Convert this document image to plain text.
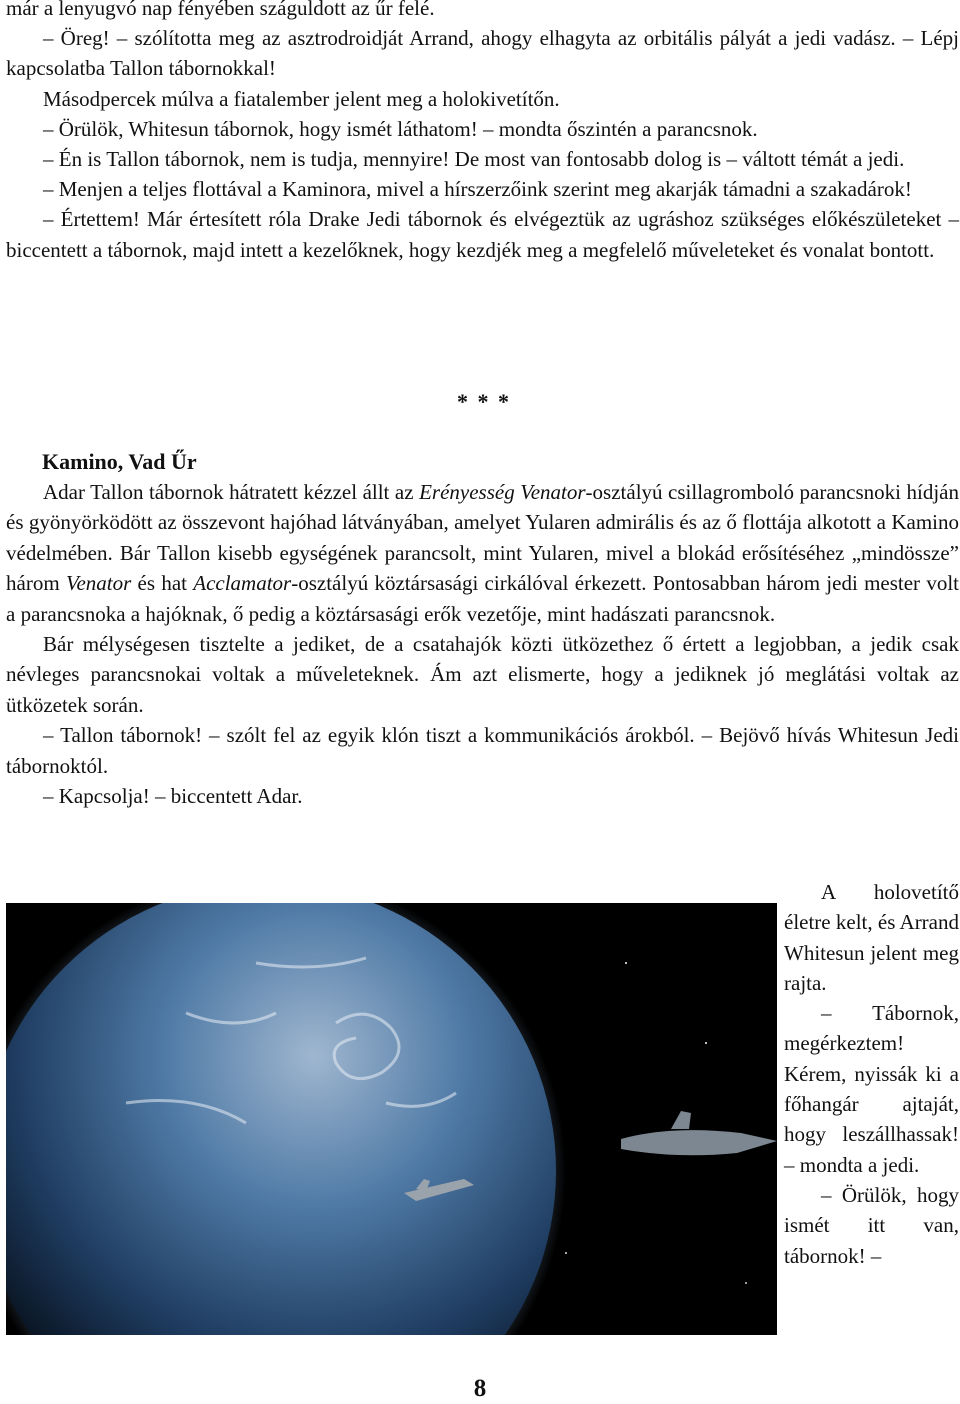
már a lenyugvó nap fényében száguldott az űr felé.

– Öreg! – szólította meg az asztrodroidját Arrand, ahogy elhagyta az orbitális pályát a jedi vadász. – Lépj kapcsolatba Tallon tábornokkal!

Másodpercek múlva a fiatalember jelent meg a holokivetítőn.

– Örülök, Whitesun tábornok, hogy ismét láthatom! – mondta őszintén a parancsnok.

– Én is Tallon tábornok, nem is tudja, mennyire! De most van fontosabb dolog is – váltott témát a jedi.

– Menjen a teljes flottával a Kaminora, mivel a hírszerzőink szerint meg akarják támadni a szakadárok!

– Értettem! Már értesített róla Drake Jedi tábornok és elvégeztük az ugráshoz szükséges előkészületeket – biccentett a tábornok, majd intett a kezelőknek, hogy kezdjék meg a megfelelő műveleteket és vonalat bontott.

* * *
Kamino, Vad Űr

Adar Tallon tábornok hátratett kézzel állt az Erényesség Venator-osztályú csillagromboló parancsnoki hídján és gyönyörködött az összevont hajóhad látványában, amelyet Yularen admirális és az ő flottája alkotott a Kamino védelmében. Bár Tallon kisebb egységének parancsolt, mint Yularen, mivel a blokád erősítéséhez „mindössze” három Venator és hat Acclamator-osztályú köztársasági cirkálóval érkezett. Pontosabban három jedi mester volt a parancsnoka a hajóknak, ő pedig a köztársasági erők vezetője, mint hadászati parancsnok.

Bár mélységesen tisztelte a jediket, de a csatahajók közti ütközethez ő értett a legjobban, a jedik csak névleges parancsnokai voltak a műveleteknek. Ám azt elismerte, hogy a jediknek jó meglátási voltak az ütközetek során.

– Tallon tábornok! – szólt fel az egyik klón tiszt a kommunikációs árokból. – Bejövő hívás Whitesun Jedi tábornoktól.

– Kapcsolja! – biccentett Adar.

A holovetítő életre kelt, és Arrand Whitesun jelent meg rajta.

– Tábornok, megérkeztem! Kérem, nyissák ki a főhangár ajtaját, hogy leszállhassak! – mondta a jedi.

– Örülök, hogy ismét itt van, tábornok! –

8
